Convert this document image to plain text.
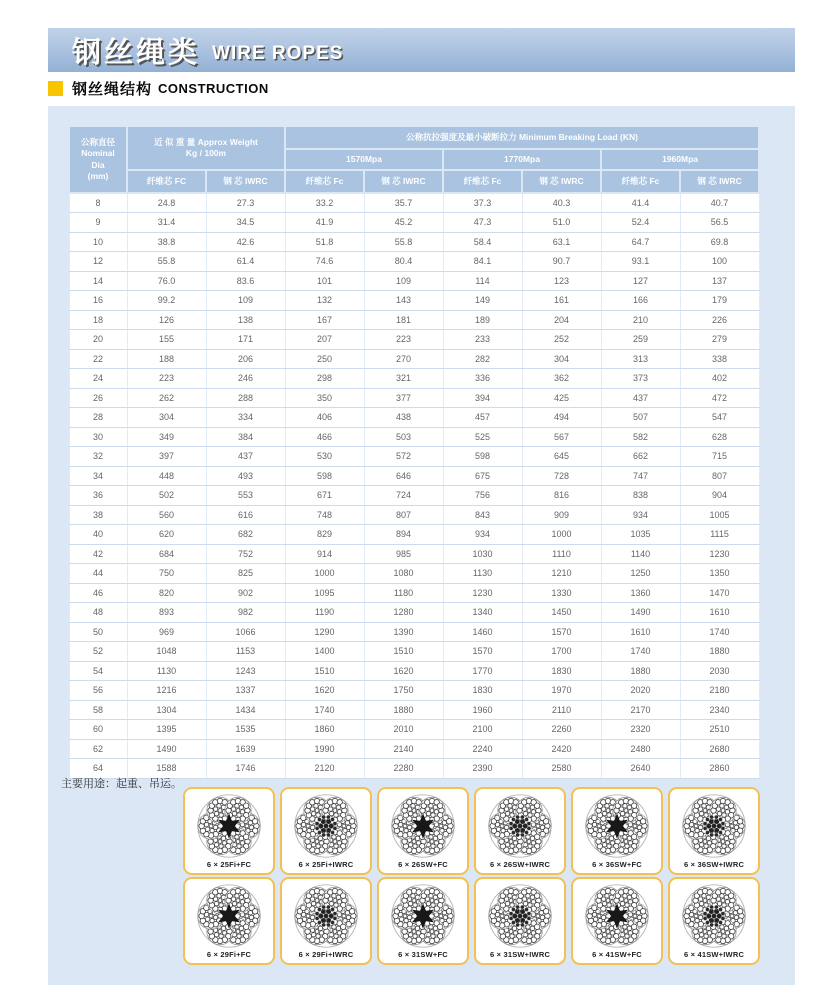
钢丝绳类 WIRE ROPES
钢丝绳结构 CONSTRUCTION
公称直径
Nominal
Dia
(mm)	近 似 重 量 Approx Weight
Kg / 100m		公称抗拉强度及最小破断拉力 Minimum Breaking Load (KN)					
			1570Mpa		1770Mpa		1960Mpa	
	纤维芯 FC	钢 芯 IWRC	纤维芯 Fc	钢 芯 IWRC	纤维芯 Fc	钢 芯 IWRC	纤维芯 Fc	钢 芯 IWRC
8	24.8	27.3	33.2	35.7	37.3	40.3	41.4	40.7
9	31.4	34.5	41.9	45.2	47.3	51.0	52.4	56.5
10	38.8	42.6	51.8	55.8	58.4	63.1	64.7	69.8
12	55.8	61.4	74.6	80.4	84.1	90.7	93.1	100
14	76.0	83.6	101	109	114	123	127	137
16	99.2	109	132	143	149	161	166	179
18	126	138	167	181	189	204	210	226
20	155	171	207	223	233	252	259	279
22	188	206	250	270	282	304	313	338
24	223	246	298	321	336	362	373	402
26	262	288	350	377	394	425	437	472
28	304	334	406	438	457	494	507	547
30	349	384	466	503	525	567	582	628
32	397	437	530	572	598	645	662	715
34	448	493	598	646	675	728	747	807
36	502	553	671	724	756	816	838	904
38	560	616	748	807	843	909	934	1005
40	620	682	829	894	934	1000	1035	1115
42	684	752	914	985	1030	1110	1140	1230
44	750	825	1000	1080	1130	1210	1250	1350
46	820	902	1095	1180	1230	1330	1360	1470
48	893	982	1190	1280	1340	1450	1490	1610
50	969	1066	1290	1390	1460	1570	1610	1740
52	1048	1153	1400	1510	1570	1700	1740	1880
54	1130	1243	1510	1620	1770	1830	1880	2030
56	1216	1337	1620	1750	1830	1970	2020	2180
58	1304	1434	1740	1880	1960	2110	2170	2340
60	1395	1535	1860	2010	2100	2260	2320	2510
62	1490	1639	1990	2140	2240	2420	2480	2680
64	1588	1746	2120	2280	2390	2580	2640	2860
主要用途：起重、吊运。
6 × 25Fi+FC	6 × 25Fi+IWRC	6 × 26SW+FC	6 × 26SW+IWRC	6 × 36SW+FC	6 × 36SW+IWRC
6 × 29Fi+FC	6 × 29Fi+IWRC	6 × 31SW+FC	6 × 31SW+IWRC	6 × 41SW+FC	6 × 41SW+IWRC
